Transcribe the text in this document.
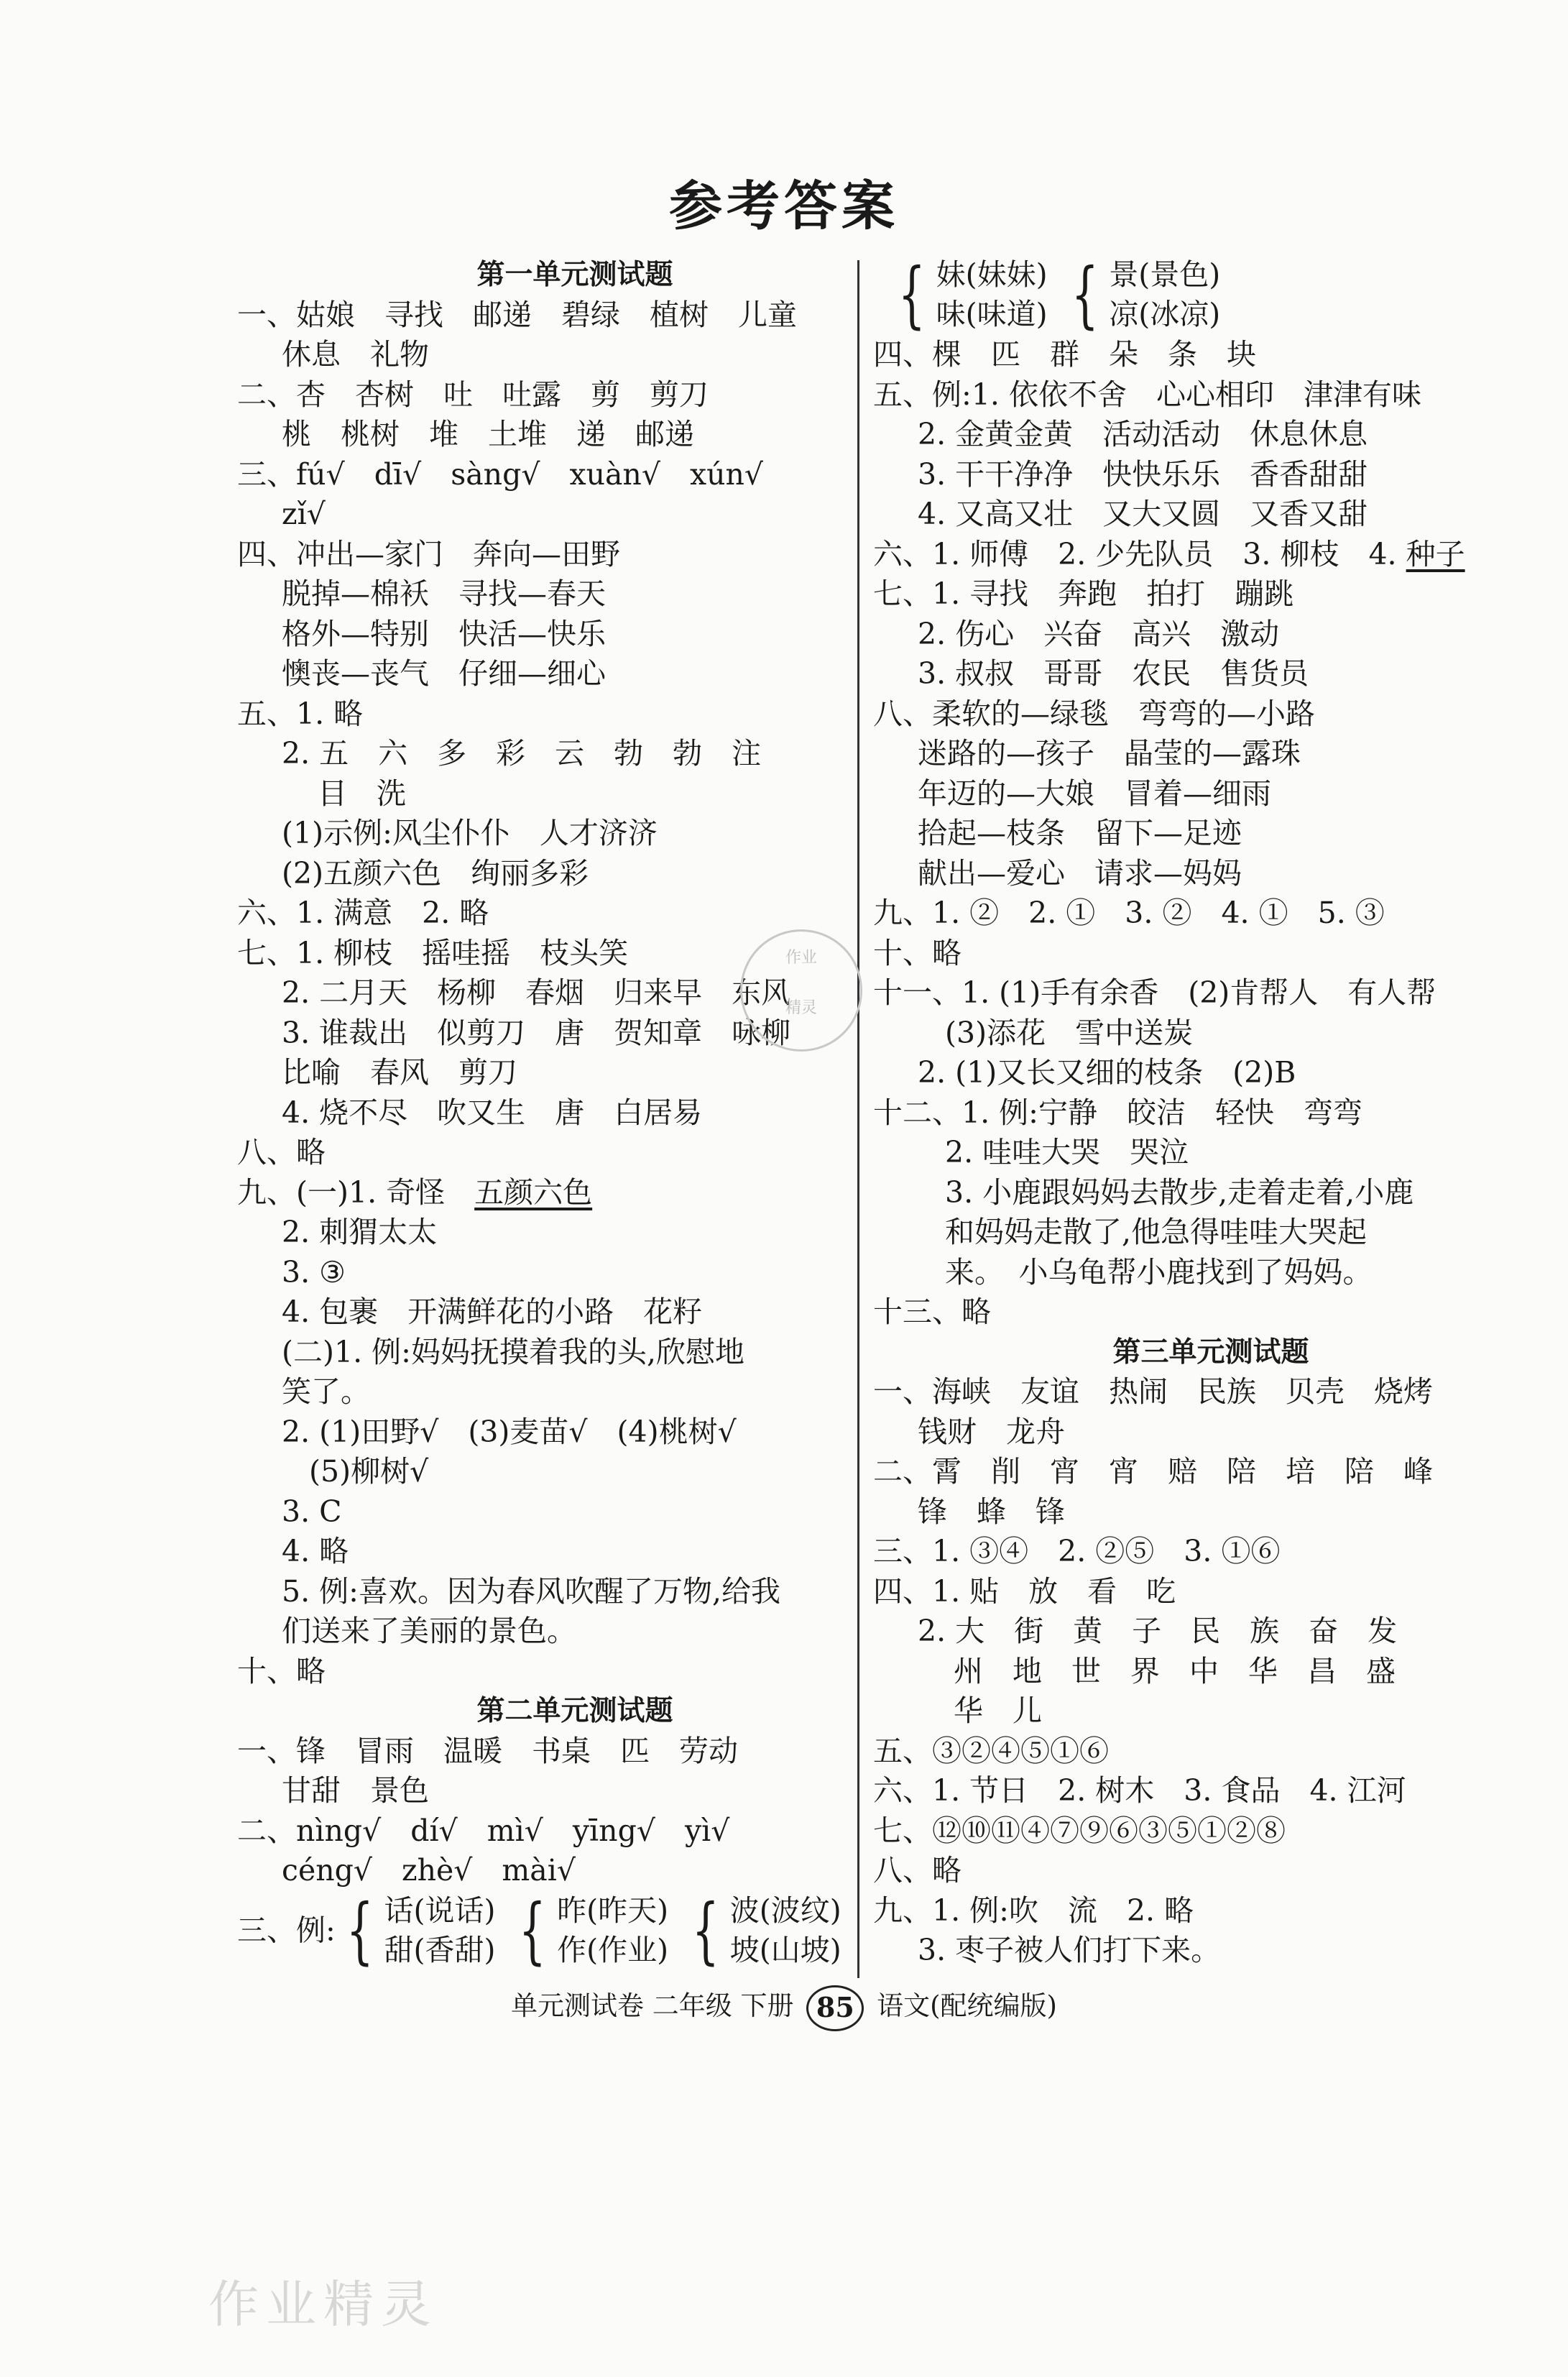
参考答案
第一单元测试题
一、姑娘　寻找　邮递　碧绿　植树　儿童
休息　礼物
二、杏　杏树　吐　吐露　剪　剪刀
桃　桃树　堆　土堆　递　邮递
三、fú√　dī√　sàng√　xuàn√　xún√
zǐ√
四、冲出—家门　奔向—田野
脱掉—棉袄　寻找—春天
格外—特别　快活—快乐
懊丧—丧气　仔细—细心
五、1. 略
2. 五　六　多　彩　云　勃　勃　注
目　洗
(1)示例:风尘仆仆　人才济济
(2)五颜六色　绚丽多彩
六、1. 满意　2. 略
七、1. 柳枝　摇哇摇　枝头笑
2. 二月天　杨柳　春烟　归来早　东风
3. 谁裁出　似剪刀　唐　贺知章　咏柳
比喻　春风　剪刀
4. 烧不尽　吹又生　唐　白居易
八、略
九、(一)1. 奇怪　五颜六色
2. 刺猬太太
3. ③
4. 包裹　开满鲜花的小路　花籽
(二)1. 例:妈妈抚摸着我的头,欣慰地
笑了。
2. (1)田野√　(3)麦苗√　(4)桃树√
(5)柳树√
3. C
4. 略
5. 例:喜欢。因为春风吹醒了万物,给我
们送来了美丽的景色。
十、略
第二单元测试题
一、锋　冒雨　温暖　书桌　匹　劳动
甘甜　景色
二、nìng√　dí√　mì√　yīng√　yì√
céng√　zhè√　mài√
三、例: { 话(说话)
甜(香甜) { 昨(昨天)
作(作业) { 波(波纹)
坡(山坡)
{ 妹(妹妹)
味(味道) { 景(景色)
凉(冰凉)
四、棵　匹　群　朵　条　块
五、例:1. 依依不舍　心心相印　津津有味
2. 金黄金黄　活动活动　休息休息
3. 干干净净　快快乐乐　香香甜甜
4. 又高又壮　又大又圆　又香又甜
六、1. 师傅　2. 少先队员　3. 柳枝　4. 种子
七、1. 寻找　奔跑　拍打　蹦跳
2. 伤心　兴奋　高兴　激动
3. 叔叔　哥哥　农民　售货员
八、柔软的—绿毯　弯弯的—小路
迷路的—孩子　晶莹的—露珠
年迈的—大娘　冒着—细雨
拾起—枝条　留下—足迹
献出—爱心　请求—妈妈
九、1. ②　2. ①　3. ②　4. ①　5. ③
十、略
十一、1. (1)手有余香　(2)肯帮人　有人帮
(3)添花　雪中送炭
2. (1)又长又细的枝条　(2)B
十二、1. 例:宁静　皎洁　轻快　弯弯
2. 哇哇大哭　哭泣
3. 小鹿跟妈妈去散步,走着走着,小鹿
和妈妈走散了,他急得哇哇大哭起
来。　小乌龟帮小鹿找到了妈妈。
十三、略
第三单元测试题
一、海峡　友谊　热闹　民族　贝壳　烧烤
钱财　龙舟
二、霄　削　宵　宵　赔　陪　培　陪　峰
锋　蜂　锋
三、1. ③④　2. ②⑤　3. ①⑥
四、1. 贴　放　看　吃
2. 大　街　黄　子　民　族　奋　发
州　地　世　界　中　华　昌　盛
华　儿
五、③②④⑤①⑥
六、1. 节日　2. 树木　3. 食品　4. 江河
七、⑫⑩⑪④⑦⑨⑥③⑤①②⑧
八、略
九、1. 例:吹　流　2. 略
3. 枣子被人们打下来。
作业
精灵
作业精灵
单元测试卷 二年级 下册 85 语文(配统编版)
